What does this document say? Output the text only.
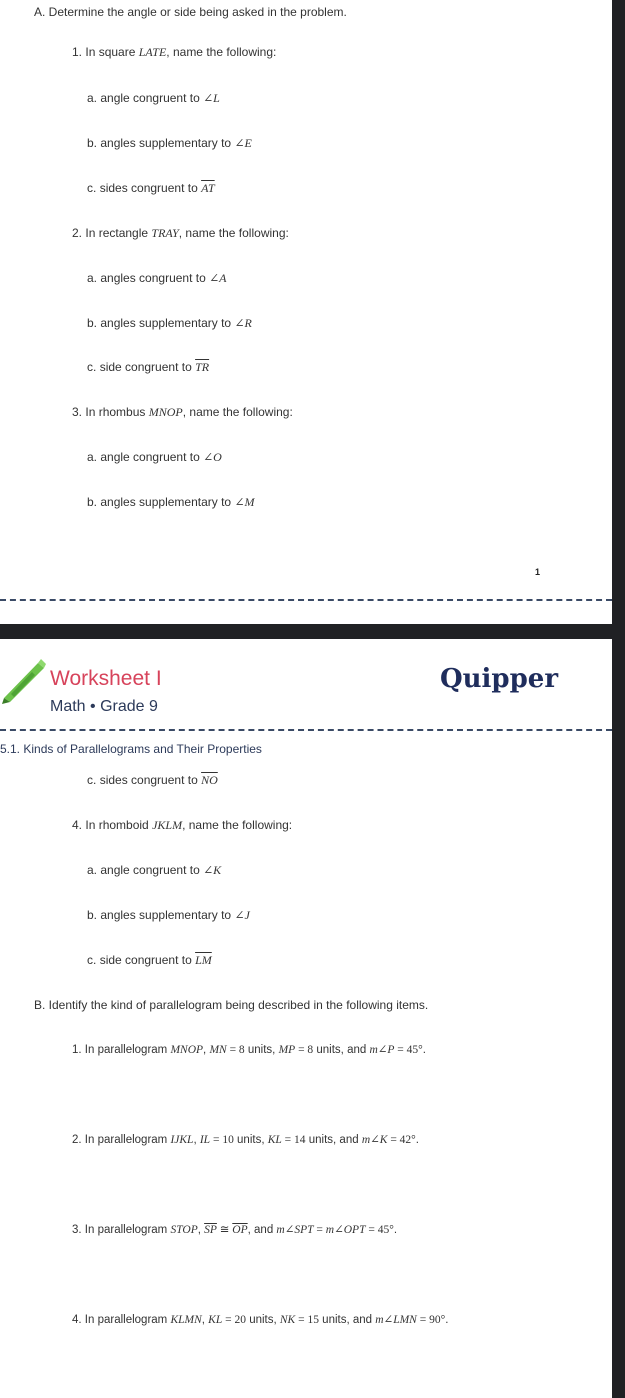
A. Determine the angle or side being asked in the problem.
1. In square LATE, name the following:
a. angle congruent to ∠L
b. angles supplementary to ∠E
c. sides congruent to $\overline{AT}$
2. In rectangle TRAY, name the following:
a. angles congruent to ∠A
b. angles supplementary to ∠R
c. side congruent to $\overline{TR}$
3. In rhombus MNOP, name the following:
a. angle congruent to ∠O
b. angles supplementary to ∠M
1
Worksheet I
Math • Grade 9
Quipper
5.1. Kinds of Parallelograms and Their Properties
c. sides congruent to $\overline{NO}$
4. In rhomboid JKLM, name the following:
a. angle congruent to ∠K
b. angles supplementary to ∠J
c. side congruent to $\overline{LM}$
B. Identify the kind of parallelogram being described in the following items.
1. In parallelogram MNOP, MN = 8 units, MP = 8 units, and m∠P = 45°.
2. In parallelogram IJKL, IL = 10 units, KL = 14 units, and m∠K = 42°.
3. In parallelogram STOP, $\overline{SP}$ ≅ $\overline{OP}$, and m∠SPT = m∠OPT = 45°.
4. In parallelogram KLMN, KL = 20 units, NK = 15 units, and m∠LMN = 90°.
